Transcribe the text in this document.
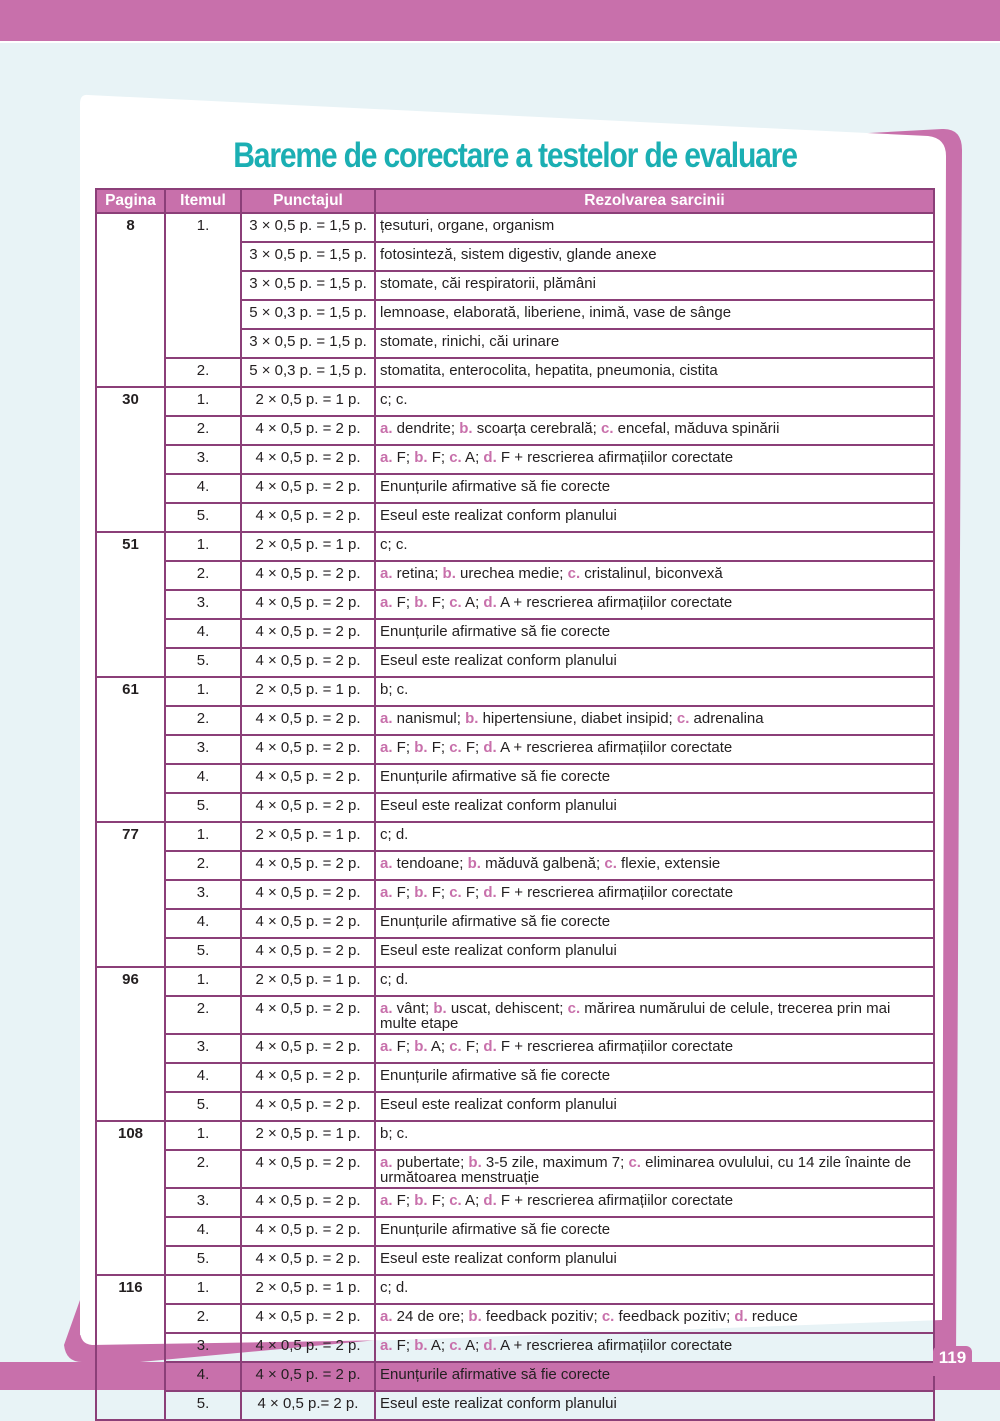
Bareme de corectare a testelor de evaluare
Pagina	Itemul	Punctajul	Rezolvarea sarcinii
8	1.	3 × 0,5 p. = 1,5 p.	țesuturi, organe, organism
		3 × 0,5 p. = 1,5 p.	fotosinteză, sistem digestiv, glande anexe
		3 × 0,5 p. = 1,5 p.	stomate, căi respiratorii, plămâni
		5 × 0,3 p. = 1,5 p.	lemnoase, elaborată, liberiene, inimă, vase de sânge
		3 × 0,5 p. = 1,5 p.	stomate, rinichi, căi urinare
	2.	5 × 0,3 p. = 1,5 p.	stomatita, enterocolita, hepatita, pneumonia, cistita
30	1.	2 × 0,5 p. = 1 p.	c; c.
	2.	4 × 0,5 p. = 2 p.	a. dendrite; b. scoarța cerebrală; c. encefal, măduva spinării
	3.	4 × 0,5 p. = 2 p.	a. F; b. F; c. A; d. F + rescrierea afirmațiilor corectate
	4.	4 × 0,5 p. = 2 p.	Enunțurile afirmative să fie corecte
	5.	4 × 0,5 p. = 2 p.	Eseul este realizat conform planului
51	1.	2 × 0,5 p. = 1 p.	c; c.
	2.	4 × 0,5 p. = 2 p.	a. retina; b. urechea medie; c. cristalinul, biconvexă
	3.	4 × 0,5 p. = 2 p.	a. F; b. F; c. A; d. A + rescrierea afirmațiilor corectate
	4.	4 × 0,5 p. = 2 p.	Enunțurile afirmative să fie corecte
	5.	4 × 0,5 p. = 2 p.	Eseul este realizat conform planului
61	1.	2 × 0,5 p. = 1 p.	b; c.
	2.	4 × 0,5 p. = 2 p.	a. nanismul; b. hipertensiune, diabet insipid; c. adrenalina
	3.	4 × 0,5 p. = 2 p.	a. F; b. F; c. F; d. A + rescrierea afirmațiilor corectate
	4.	4 × 0,5 p. = 2 p.	Enunțurile afirmative să fie corecte
	5.	4 × 0,5 p. = 2 p.	Eseul este realizat conform planului
77	1.	2 × 0,5 p. = 1 p.	c; d.
	2.	4 × 0,5 p. = 2 p.	a. tendoane; b. măduvă galbenă; c. flexie, extensie
	3.	4 × 0,5 p. = 2 p.	a. F; b. F; c. F; d. F + rescrierea afirmațiilor corectate
	4.	4 × 0,5 p. = 2 p.	Enunțurile afirmative să fie corecte
	5.	4 × 0,5 p. = 2 p.	Eseul este realizat conform planului
96	1.	2 × 0,5 p. = 1 p.	c; d.
	2.	4 × 0,5 p. = 2 p.	a. vânt; b. uscat, dehiscent; c. mărirea numărului de celule, trecerea prin mai multe etape
	3.	4 × 0,5 p. = 2 p.	a. F; b. A; c. F; d. F + rescrierea afirmațiilor corectate
	4.	4 × 0,5 p. = 2 p.	Enunțurile afirmative să fie corecte
	5.	4 × 0,5 p. = 2 p.	Eseul este realizat conform planului
108	1.	2 × 0,5 p. = 1 p.	b; c.
	2.	4 × 0,5 p. = 2 p.	a. pubertate; b. 3-5 zile, maximum 7; c. eliminarea ovulului, cu 14 zile înainte de următoarea menstruație
	3.	4 × 0,5 p. = 2 p.	a. F; b. F; c. A; d. F + rescrierea afirmațiilor corectate
	4.	4 × 0,5 p. = 2 p.	Enunțurile afirmative să fie corecte
	5.	4 × 0,5 p. = 2 p.	Eseul este realizat conform planului
116	1.	2 × 0,5 p. = 1 p.	c; d.
	2.	4 × 0,5 p. = 2 p.	a. 24 de ore; b. feedback pozitiv; c. feedback pozitiv; d. reduce
	3.	4 × 0,5 p. = 2 p.	a. F; b. A; c. A; d. A + rescrierea afirmațiilor corectate
	4.	4 × 0,5 p. = 2 p.	Enunțurile afirmative să fie corecte
	5.	4 × 0,5 p.= 2 p.	Eseul este realizat conform planului
119
